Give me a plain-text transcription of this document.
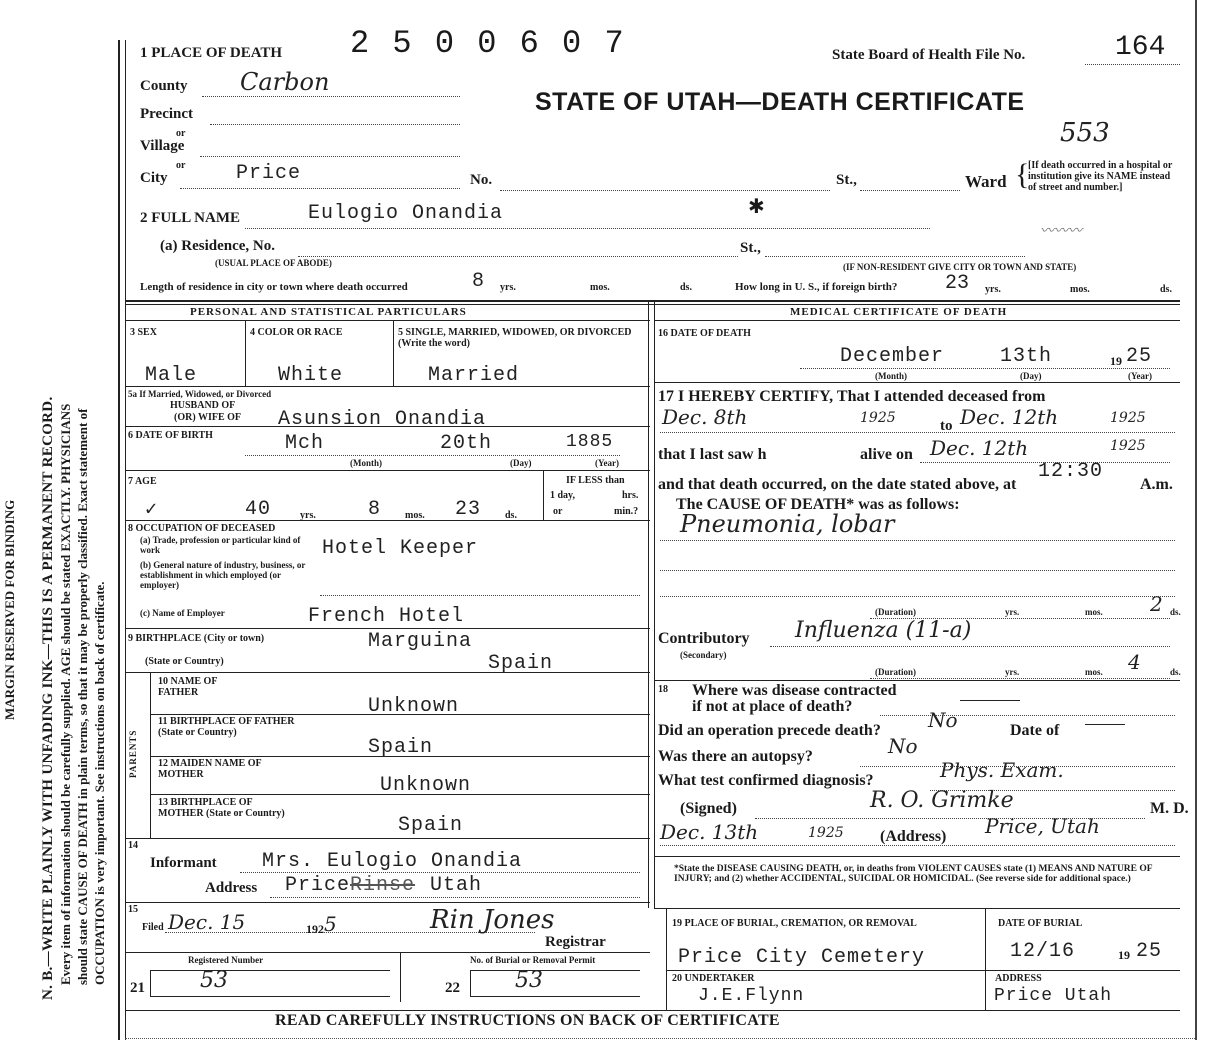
MARGIN RESERVED FOR BINDING N. B.—WRITE PLAINLY WITH UNFADING INK—THIS IS A PERMANENT RECORD. Every item of information should be carefully supplied. AGE should be stated EXACTLY. PHYSICIANS should state CAUSE OF DEATH in plain terms, so that it may be properly classified. Exact statement of OCCUPATION is very important. See instructions on back of certificate.
1 PLACE OF DEATH 2 5 0 0 6 0 7	State Board of Health File No.	164
STATE OF UTAH—DEATH CERTIFICATE
553
County Carbon
Precinct
or
Village
or
City	Price	No.	St.,	Ward {
[If death occurred in a hospital or institution give its NAME instead of street and number.]
2 FULL NAME	Eulogio Onandia	✱
〰〰〰
(a) Residence, No.
(USUAL PLACE OF ABODE)
St.,
(IF NON-RESIDENT GIVE CITY OR TOWN AND STATE)
Length of residence in city or town where death occurred	8 yrs.	mos.	ds.	How long in U. S., if foreign birth? 23 yrs.	mos.	ds.
PERSONAL AND STATISTICAL PARTICULARS
3 SEX
Male
4 COLOR OR RACE
White
5 SINGLE, MARRIED, WIDOWED, OR DIVORCED (Write the word)
Married
5a If Married, Widowed, or Divorced
HUSBAND OF
(OR) WIFE OF Asunsion Onandia
6 DATE OF BIRTH	Mch	20th	1885
(Month)	(Day)	(Year)
7 AGE
✓	40	yrs.	8 mos. 23 ds.
IF LESS than
1 day,	hrs.
or	min.?
8 OCCUPATION OF DECEASED
(a) Trade, profession or particular kind of work	Hotel Keeper
(b) General nature of industry, business, or establishment in which employed (or employer)
(c) Name of Employer	French Hotel
9 BIRTHPLACE (City or town)	Marguina
(State or Country)	Spain
PARENTS
10 NAME OF FATHER
Unknown
11 BIRTHPLACE OF FATHER (State or Country)
Spain
12 MAIDEN NAME OF MOTHER	Unknown
13 BIRTHPLACE OF MOTHER (State or Country)
Spain
14
Informant Mrs. Eulogio Onandia
Address Price Rinse Utah
15
Filed Dec. 15	192 5	Rin Jones
Registrar
Registered Number
21	53
No. of Burial or Removal Permit
22	53
MEDICAL CERTIFICATE OF DEATH
16 DATE OF DEATH
December	13th	19 25
(Month)	(Day)	(Year)
17 I HEREBY CERTIFY, That I attended deceased from
Dec. 8th	1925	to Dec. 12th	1925
that I last saw h	alive on Dec. 12th	1925
12:30
and that death occurred, on the date stated above, at	A.m.
The CAUSE OF DEATH* was as follows:
Pneumonia, lobar
(Duration)	yrs.	mos. 2 ds.
Contributory
(Secondary)
Influenza (11-a)
(Duration)	yrs.	mos. 4	ds.
18 Where was disease contracted
if not at place of death?
Did an operation precede death? No	Date of
Was there an autopsy?	No
What test confirmed diagnosis?	Phys. Exam.
(Signed)	R. O. Grimke	M. D.
Dec. 13th	1925 (Address) Price, Utah
*State the DISEASE CAUSING DEATH, or, in deaths from VIOLENT CAUSES state (1) MEANS AND NATURE OF INJURY; and (2) whether ACCIDENTAL, SUICIDAL OR HOMICIDAL. (See reverse side for additional space.)
19 PLACE OF BURIAL, CREMATION, OR REMOVAL
Price City Cemetery
DATE OF BURIAL
12/16	19 25
20 UNDERTAKER
J.E.Flynn
ADDRESS
Price Utah
READ CAREFULLY INSTRUCTIONS ON BACK OF CERTIFICATE
